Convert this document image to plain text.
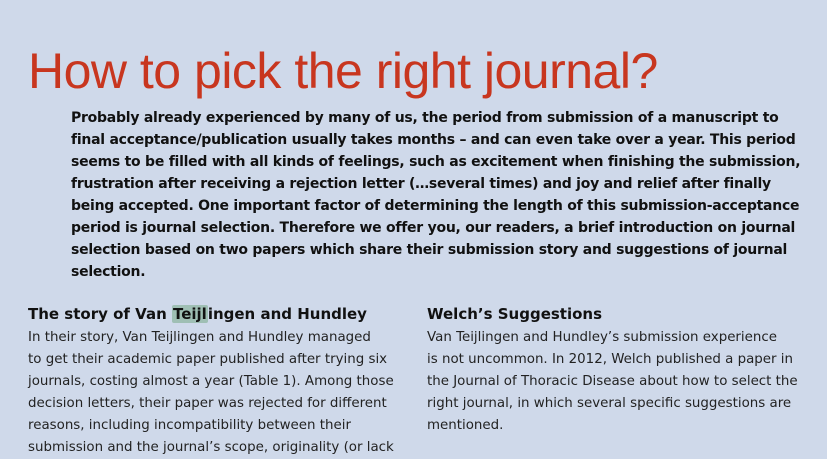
How to pick the right journal?

Probably already experienced by many of us, the period from submission of a manuscript to final acceptance/publication usually takes months – and can even take over a year. This period seems to be filled with all kinds of feelings, such as excitement when finishing the submission, frustration after receiving a rejection letter (…several times) and joy and relief after finally being accepted. One important factor of determining the length of this submission-acceptance period is journal selection. Therefore we offer you, our readers, a brief introduction on journal selection based on two papers which share their submission story and suggestions of journal selection.

The story of Van Teijlingen and Hundley
In their story, Van Teijlingen and Hundley managed
to get their academic paper published after trying six
journals, costing almost a year (Table 1). Among those
decision letters, their paper was rejected for different
reasons, including incompatibility between their
submission and the journal’s scope, originality (or lack
Welch’s Suggestions
Van Teijlingen and Hundley’s submission experience
is not uncommon. In 2012, Welch published a paper in
the Journal of Thoracic Disease about how to select the
right journal, in which several specific suggestions are
mentioned.
